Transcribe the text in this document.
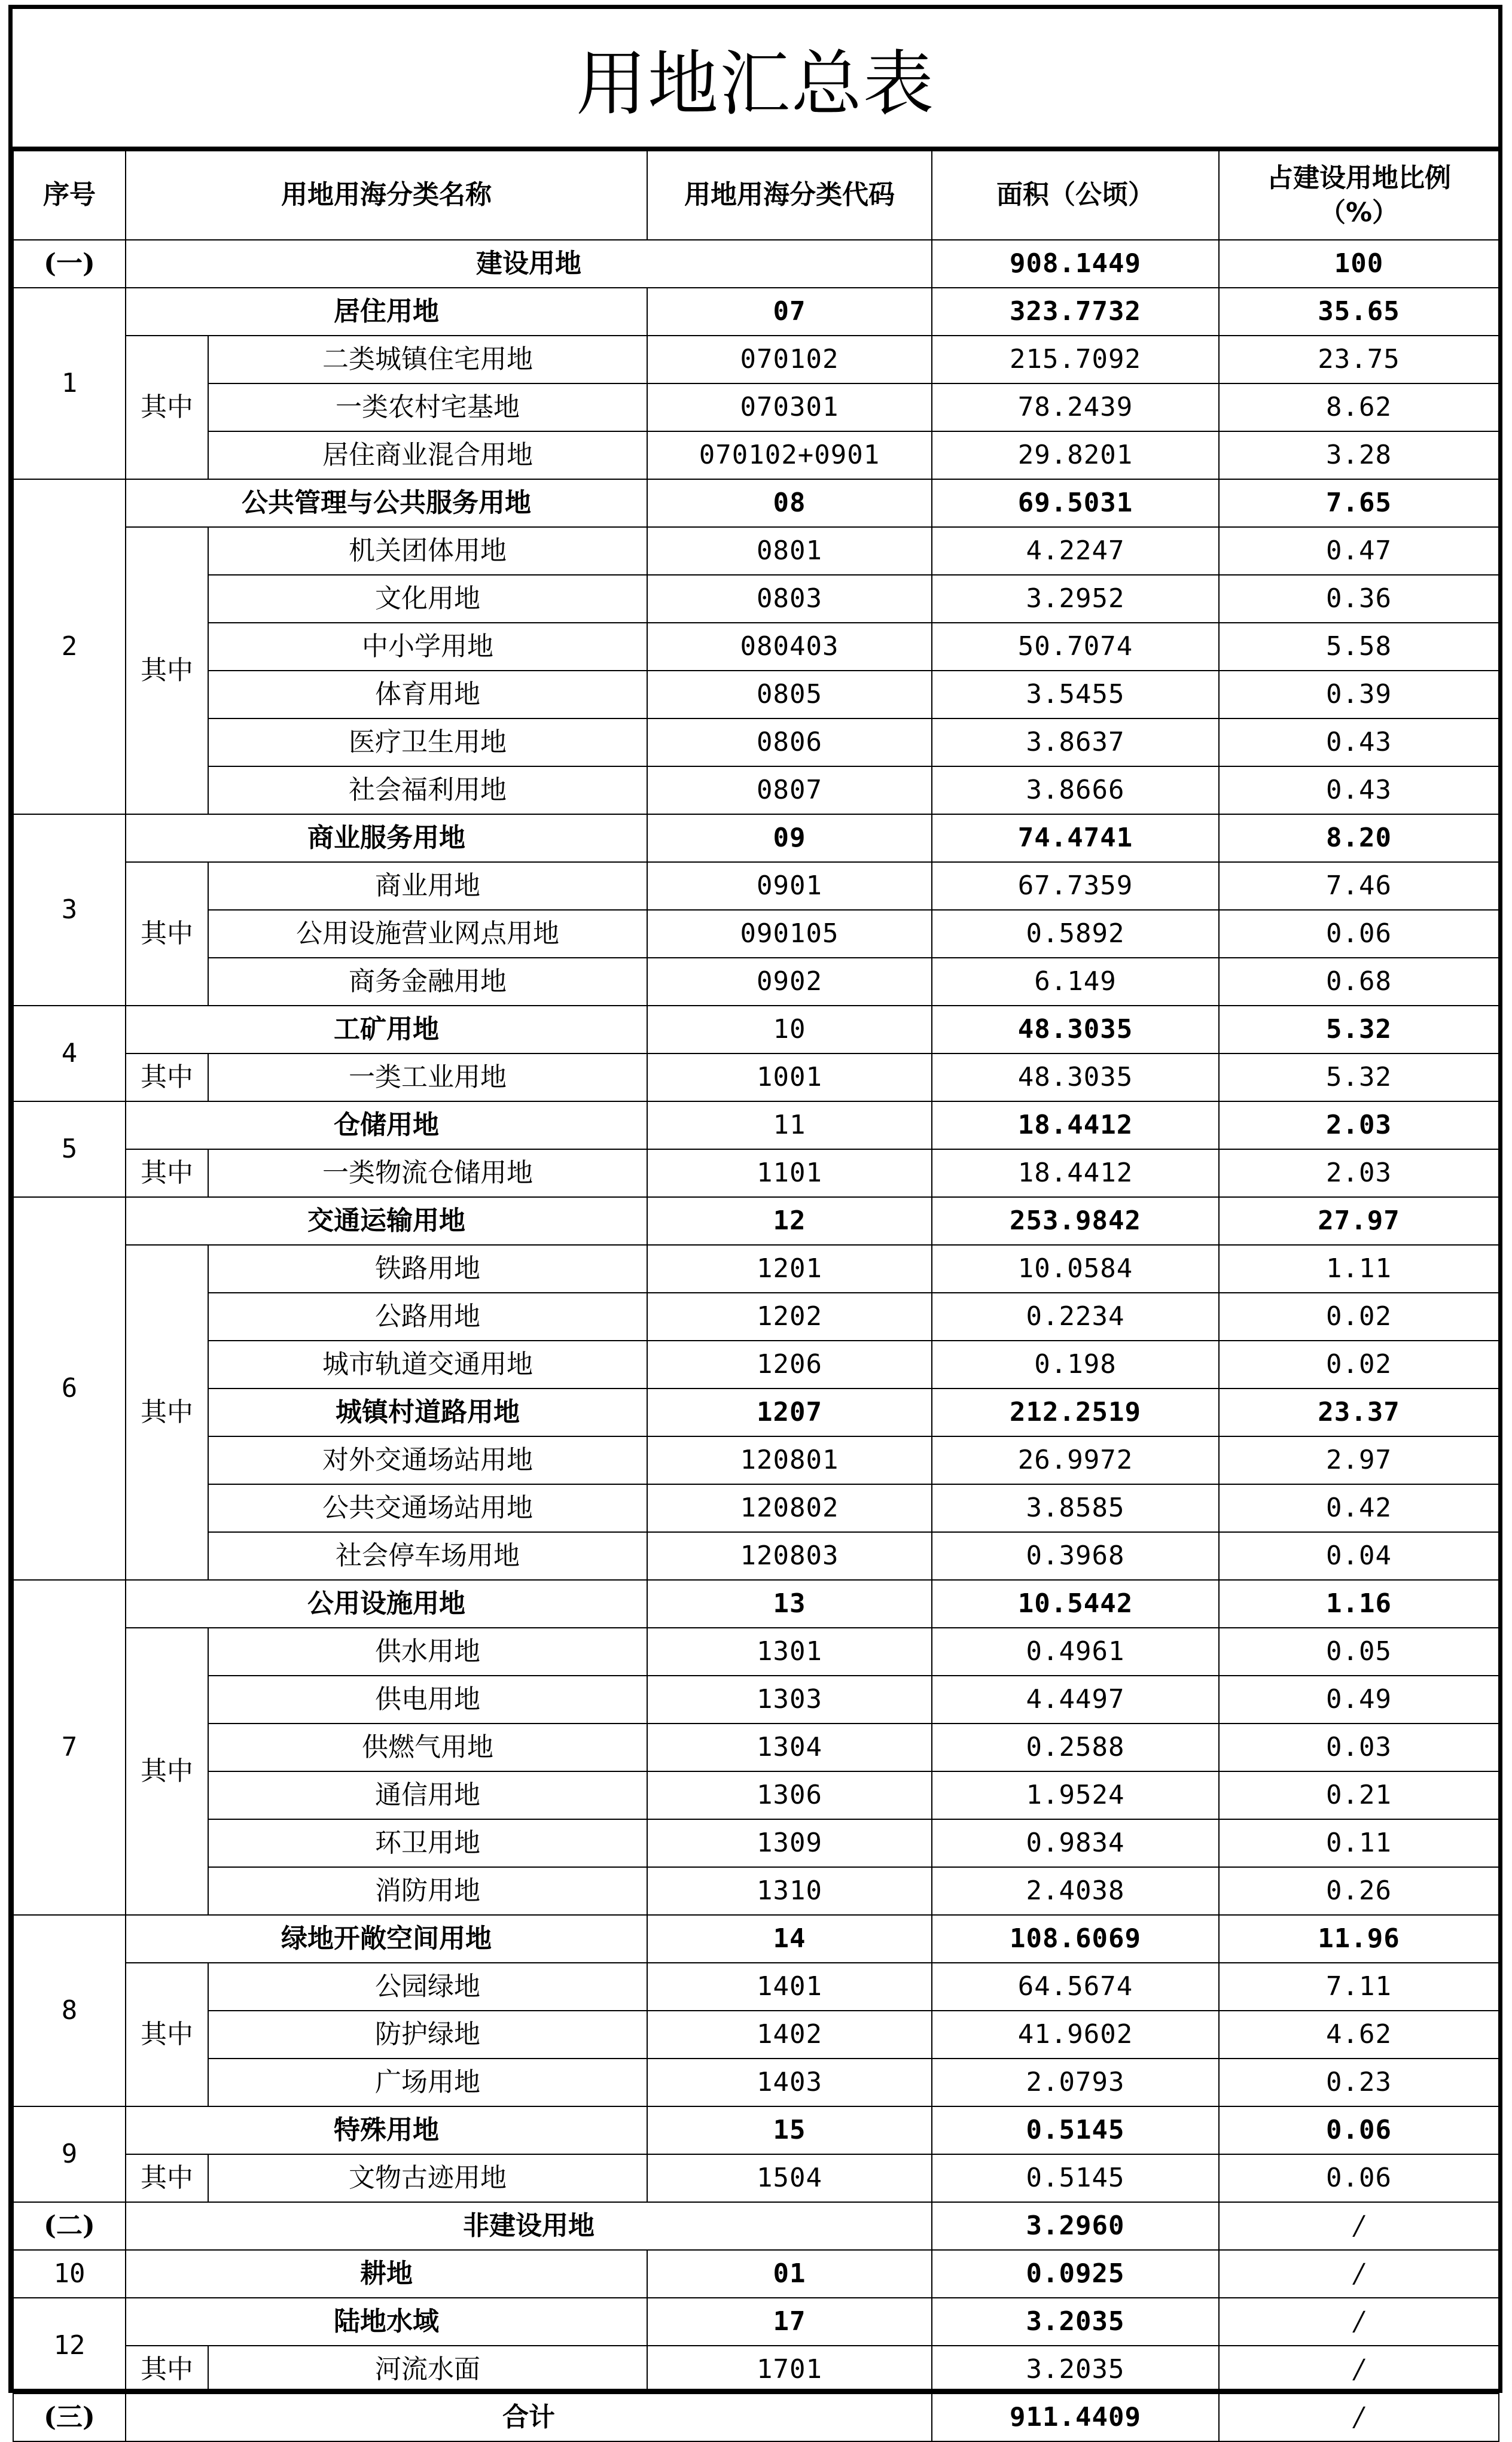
用地汇总表
序号	用地用海分类名称		用地用海分类代码	面积（公顷）	占建设用地比例
（%）
(一)	建设用地			908.1449	100
1	居住用地		07	323.7732	35.65
	其中	二类城镇住宅用地	070102	215.7092	23.75
		一类农村宅基地	070301	78.2439	8.62
		居住商业混合用地	070102+0901	29.8201	3.28
2	公共管理与公共服务用地		08	69.5031	7.65
	其中	机关团体用地	0801	4.2247	0.47
		文化用地	0803	3.2952	0.36
		中小学用地	080403	50.7074	5.58
		体育用地	0805	3.5455	0.39
		医疗卫生用地	0806	3.8637	0.43
		社会福利用地	0807	3.8666	0.43
3	商业服务用地		09	74.4741	8.20
	其中	商业用地	0901	67.7359	7.46
		公用设施营业网点用地	090105	0.5892	0.06
		商务金融用地	0902	6.149	0.68
4	工矿用地		10	48.3035	5.32
	其中	一类工业用地	1001	48.3035	5.32
5	仓储用地		11	18.4412	2.03
	其中	一类物流仓储用地	1101	18.4412	2.03
6	交通运输用地		12	253.9842	27.97
	其中	铁路用地	1201	10.0584	1.11
		公路用地	1202	0.2234	0.02
		城市轨道交通用地	1206	0.198	0.02
		城镇村道路用地	1207	212.2519	23.37
		对外交通场站用地	120801	26.9972	2.97
		公共交通场站用地	120802	3.8585	0.42
		社会停车场用地	120803	0.3968	0.04
7	公用设施用地		13	10.5442	1.16
	其中	供水用地	1301	0.4961	0.05
		供电用地	1303	4.4497	0.49
		供燃气用地	1304	0.2588	0.03
		通信用地	1306	1.9524	0.21
		环卫用地	1309	0.9834	0.11
		消防用地	1310	2.4038	0.26
8	绿地开敞空间用地		14	108.6069	11.96
	其中	公园绿地	1401	64.5674	7.11
		防护绿地	1402	41.9602	4.62
		广场用地	1403	2.0793	0.23
9	特殊用地		15	0.5145	0.06
	其中	文物古迹用地	1504	0.5145	0.06
(二)	非建设用地			3.2960	/
10	耕地		01	0.0925	/
12	陆地水域		17	3.2035	/
	其中	河流水面	1701	3.2035	/
(三)	合计			911.4409	/
